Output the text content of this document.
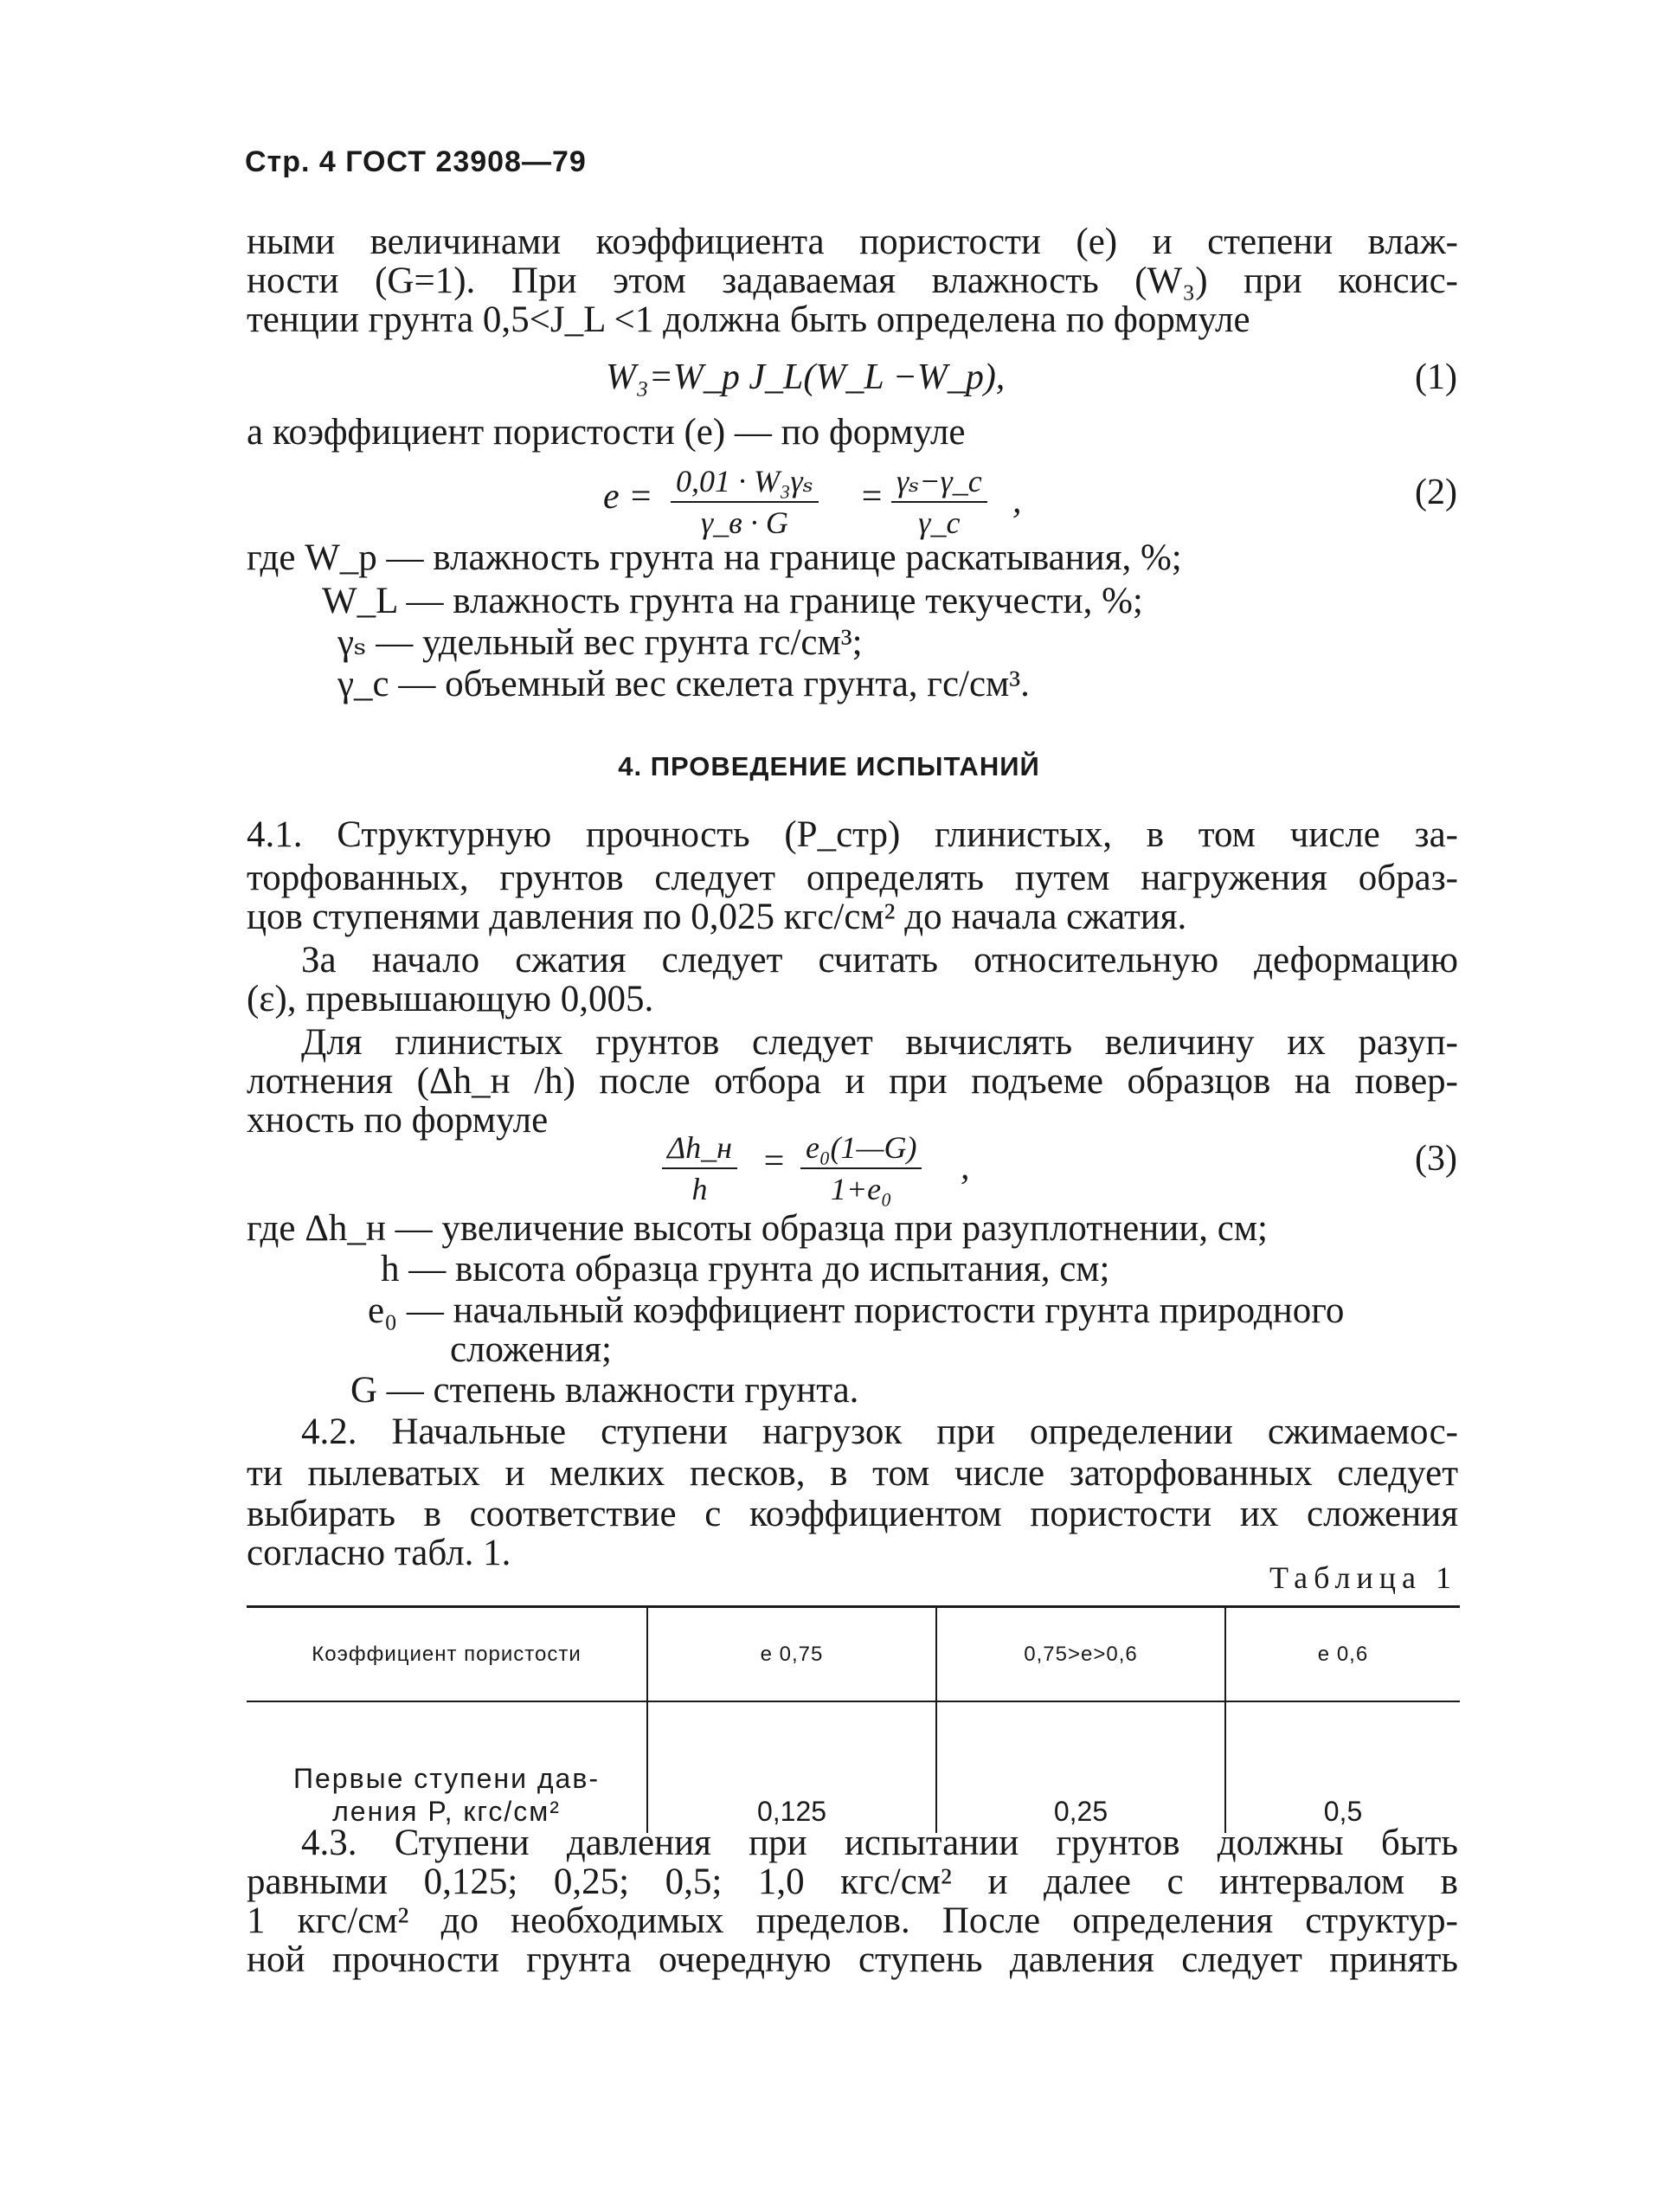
Стр. 4 ГОСТ 23908—79
ными величинами коэффициента пористости (e) и степени влаж-
ности (G=1). При этом задаваемая влажность (W₃) при консис-
тенции грунта 0,5<J_L <1 должна быть определена по формуле
W₃=W_p J_L(W_L −W_p),	(1)
а коэффициент пористости (e) — по формуле
e = 0,01 · W₃γₛ
γ_в · G
= $\frac{\text{γₛ−γ\_c}}{\gamma\_c}$ ,	(2)
где W_p — влажность грунта на границе раскатывания, %;
W_L — влажность грунта на границе текучести, %;
γₛ — удельный вес грунта гс/см³;
γ_c — объемный вес скелета грунта, гс/см³.
4. ПРОВЕДЕНИЕ ИСПЫТАНИЙ
4.1. Структурную прочность (P_стр) глинистых, в том числе за-
торфованных, грунтов следует определять путем нагружения образ-
цов ступенями давления по 0,025 кгс/см² до начала сжатия.
За начало сжатия следует считать относительную деформацию
(ε), превышающую 0,005.
Для глинистых грунтов следует вычислять величину их разуп-
лотнения (Δh_н /h) после отбора и при подъеме образцов на повер-
хность по формуле
Δh_н
h
= $\frac{\text{e₀(1—G)}}{\text{1+e₀}}$ ,	(3)
где Δh_н — увеличение высоты образца при разуплотнении, см;
h — высота образца грунта до испытания, см;
e₀ — начальный коэффициент пористости грунта природного
сложения;
G — степень влажности грунта.
4.2. Начальные ступени нагрузок при определении сжимаемос-
ти пылеватых и мелких песков, в том числе заторфованных следует
выбирать в соответствие с коэффициентом пористости их сложения
согласно табл. 1.
Таблица 1
Коэффициент пористости	e 0,75	0,75>e>0,6	e 0,6
Первые ступени дав-
ления P, кгс/см²	0,125	0,25	0,5
4.3. Ступени давления при испытании грунтов должны быть
равными 0,125; 0,25; 0,5; 1,0 кгс/см² и далее с интервалом в
1 кгс/см² до необходимых пределов. После определения структур-
ной прочности грунта очередную ступень давления следует принять
